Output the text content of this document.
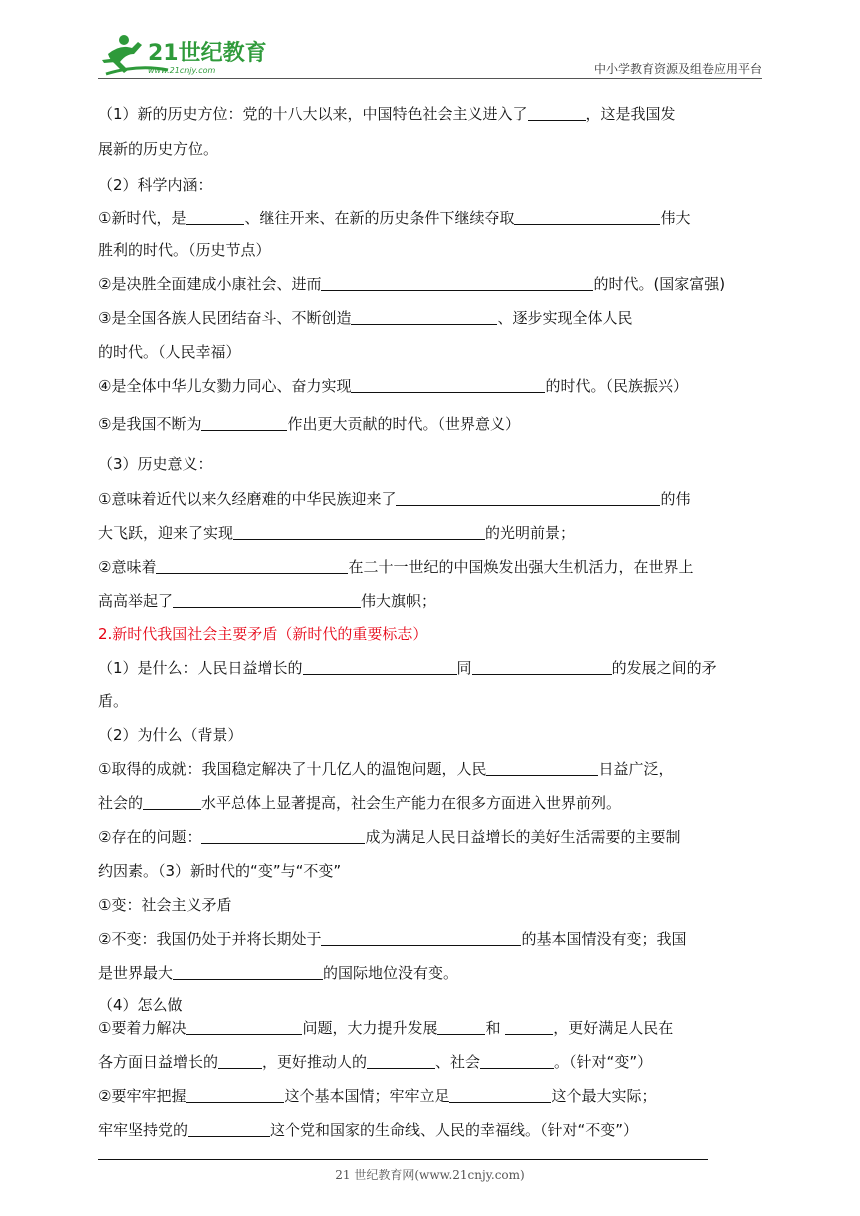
21世纪教育
www.21cnjy.com	中小学教育资源及组卷应用平台
（1）新的历史方位：党的十八大以来，中国特色社会主义进入了	，这是我国发
展新的历史方位。
（2）科学内涵：
①新时代，是	、继往开来、在新的历史条件下继续夺取	伟大
胜利的时代。（历史节点）
②是决胜全面建成小康社会、进而	的时代。(国家富强)
③是全国各族人民团结奋斗、不断创造	、逐步实现全体人民
的时代。（人民幸福）
④是全体中华儿女勠力同心、奋力实现	的时代。（民族振兴）
⑤是我国不断为	作出更大贡献的时代。（世界意义）
（3）历史意义：
①意味着近代以来久经磨难的中华民族迎来了	的伟
大飞跃，迎来了实现	的光明前景；
②意味着	在二十一世纪的中国焕发出强大生机活力，在世界上
高高举起了	伟大旗帜；
2.新时代我国社会主要矛盾（新时代的重要标志）
（1）是什么：人民日益增长的	同	的发展之间的矛
盾。
（2）为什么（背景）
①取得的成就：我国稳定解决了十几亿人的温饱问题，人民	日益广泛，
社会的	水平总体上显著提高，社会生产能力在很多方面进入世界前列。
②存在的问题：	成为满足人民日益增长的美好生活需要的主要制
约因素。（3）新时代的“变”与“不变”
①变：社会主义矛盾
②不变：我国仍处于并将长期处于	的基本国情没有变；我国
是世界最大	的国际地位没有变。
（4）怎么做
①要着力解决	问题，大力提升发展	和	，更好满足人民在
各方面日益增长的	，更好推动人的	、社会	。（针对“变”）
②要牢牢把握	这个基本国情；牢牢立足	这个最大实际；
牢牢坚持党的	这个党和国家的生命线、人民的幸福线。（针对“不变”）
21 世纪教育网(www.21cnjy.com)
